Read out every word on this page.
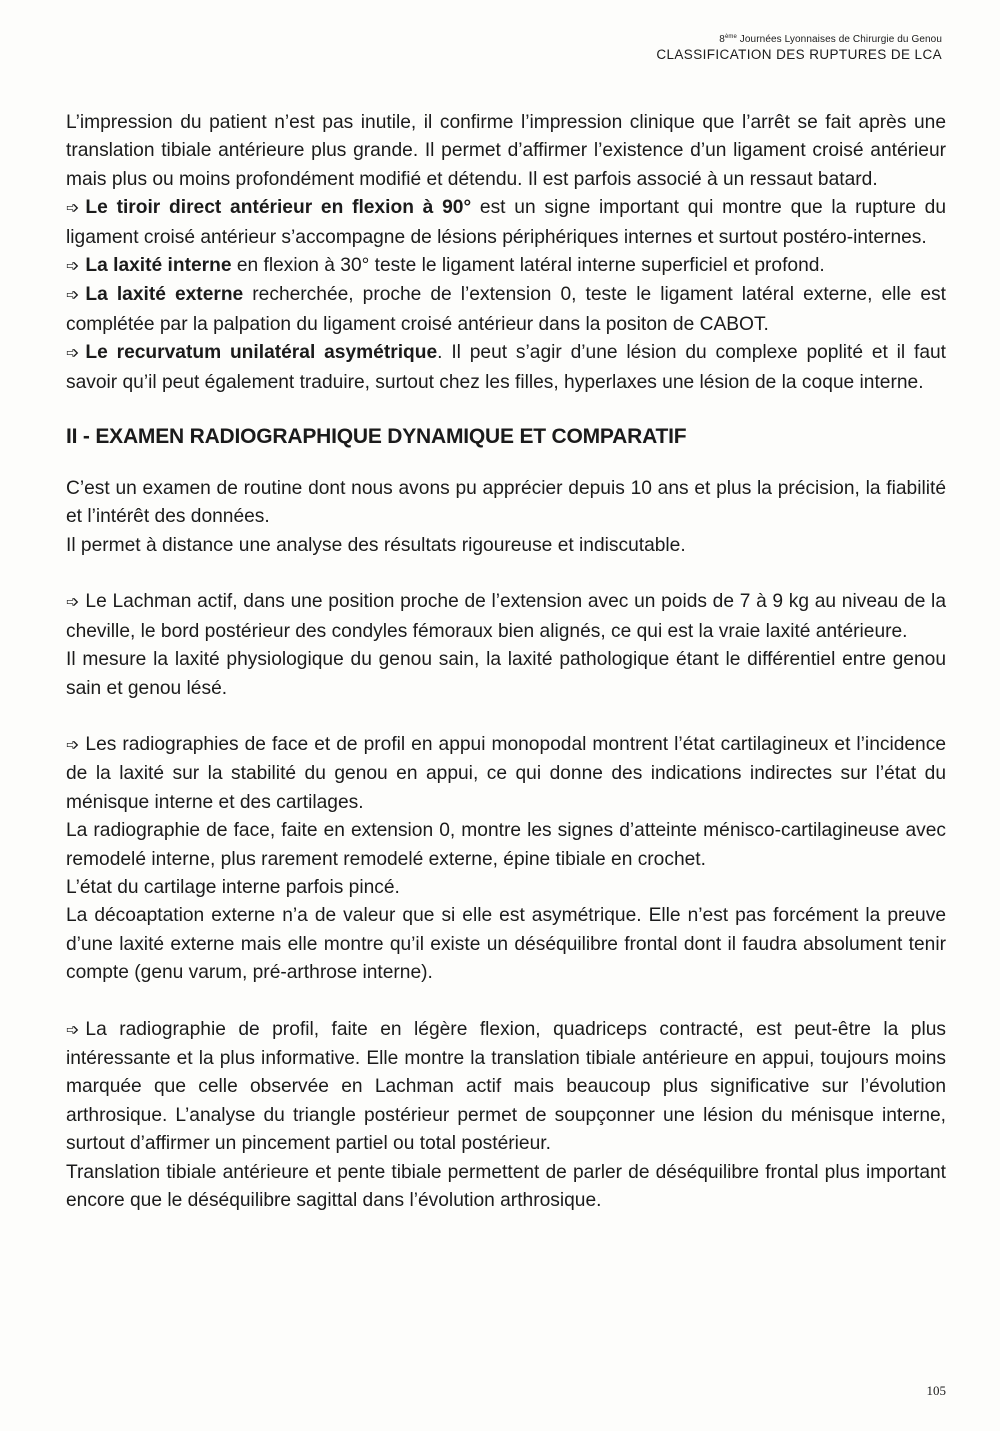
8ème Journées Lyonnaises de Chirurgie du Genou
CLASSIFICATION DES RUPTURES DE LCA

L’impression du patient n’est pas inutile, il confirme l’impression clinique que l’arrêt se fait après une translation tibiale antérieure plus grande. Il permet d’affirmer l’existence d’un ligament croisé antérieur mais plus ou moins profondément modifié et détendu. Il est parfois associé à un ressaut batard.

➩ Le tiroir direct antérieur en flexion à 90° est un signe important qui montre que la rupture du ligament croisé antérieur s’accompagne de lésions périphériques internes et surtout postéro-internes.

➩ La laxité interne en flexion à 30° teste le ligament latéral interne superficiel et profond.

➩ La laxité externe recherchée, proche de l’extension 0, teste le ligament latéral externe, elle est complétée par la palpation du ligament croisé antérieur dans la positon de CABOT.

➩ Le recurvatum unilatéral asymétrique. Il peut s’agir d’une lésion du complexe poplité et il faut savoir qu’il peut également traduire, surtout chez les filles, hyperlaxes une lésion de la coque interne.

II - EXAMEN RADIOGRAPHIQUE DYNAMIQUE ET COMPARATIF

C’est un examen de routine dont nous avons pu apprécier depuis 10 ans et plus la précision, la fiabilité et l’intérêt des données.

Il permet à distance une analyse des résultats rigoureuse et indiscutable.

➩ Le Lachman actif, dans une position proche de l’extension avec un poids de 7 à 9 kg au niveau de la cheville, le bord postérieur des condyles fémoraux bien alignés, ce qui est la vraie laxité antérieure.

Il mesure la laxité physiologique du genou sain, la laxité pathologique étant le différentiel entre genou sain et genou lésé.

➩ Les radiographies de face et de profil en appui monopodal montrent l’état cartilagineux et l’incidence de la laxité sur la stabilité du genou en appui, ce qui donne des indications indirectes sur l’état du ménisque interne et des cartilages.

La radiographie de face, faite en extension 0, montre les signes d’atteinte ménisco-cartilagineuse avec remodelé interne, plus rarement remodelé externe, épine tibiale en crochet.

L’état du cartilage interne parfois pincé.

La décoaptation externe n’a de valeur que si elle est asymétrique. Elle n’est pas forcément la preuve d’une laxité externe mais elle montre qu’il existe un déséquilibre frontal dont il faudra absolument tenir compte (genu varum, pré-arthrose interne).

➩ La radiographie de profil, faite en légère flexion, quadriceps contracté, est peut-être la plus intéressante et la plus informative. Elle montre la translation tibiale antérieure en appui, toujours moins marquée que celle observée en Lachman actif mais beaucoup plus significative sur l’évolution arthrosique. L’analyse du triangle postérieur permet de soupçonner une lésion du ménisque interne, surtout d’affirmer un pincement partiel ou total postérieur.

Translation tibiale antérieure et pente tibiale permettent de parler de déséquilibre frontal plus important encore que le déséquilibre sagittal dans l’évolution arthrosique.

105
